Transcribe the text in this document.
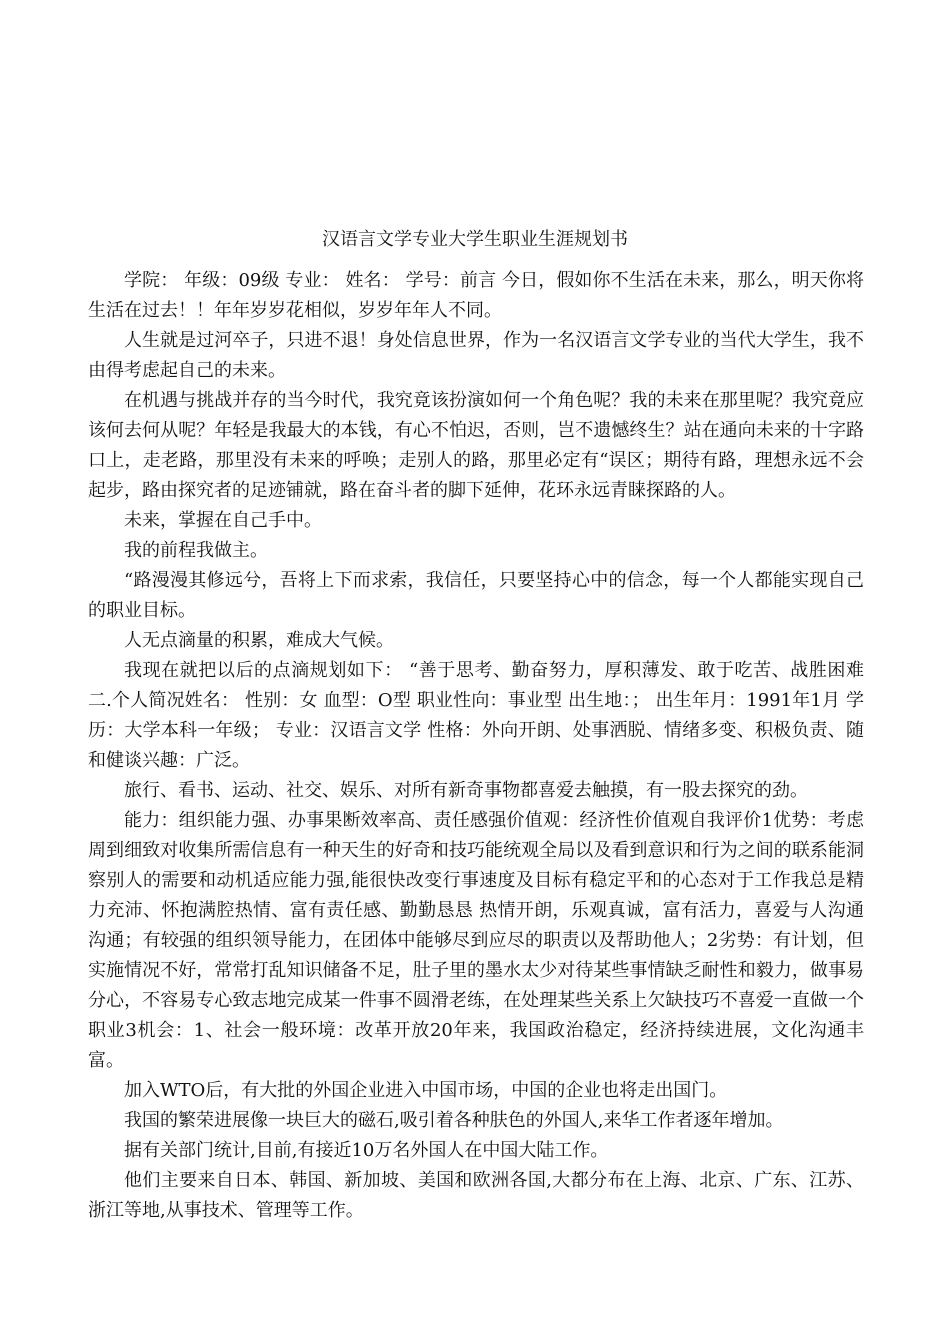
汉语言文学专业大学生职业生涯规划书

学院： 年级：09级 专业： 姓名： 学号：前言 今日，假如你不生活在未来，那么，明天你将生活在过去！！年年岁岁花相似，岁岁年年人不同。

人生就是过河卒子，只进不退！身处信息世界，作为一名汉语言文学专业的当代大学生，我不由得考虑起自己的未来。

在机遇与挑战并存的当今时代，我究竟该扮演如何一个角色呢？我的未来在那里呢？我究竟应该何去何从呢？年轻是我最大的本钱，有心不怕迟，否则，岂不遗憾终生？站在通向未来的十字路口上，走老路，那里没有未来的呼唤；走别人的路，那里必定有“误区；期待有路，理想永远不会起步，路由探究者的足迹铺就，路在奋斗者的脚下延伸，花环永远青睐探路的人。

未来，掌握在自己手中。

我的前程我做主。

“路漫漫其修远兮，吾将上下而求索，我信任，只要坚持心中的信念，每一个人都能实现自己的职业目标。

人无点滴量的积累，难成大气候。

我现在就把以后的点滴规划如下： “善于思考、勤奋努力，厚积薄发、敢于吃苦、战胜困难二.个人简况姓名： 性别：女 血型：O型 职业性向：事业型 出生地：； 出生年月：1991年1月 学历：大学本科一年级； 专业：汉语言文学 性格：外向开朗、处事洒脱、情绪多变、积极负责、随和健谈兴趣：广泛。

旅行、看书、运动、社交、娱乐、对所有新奇事物都喜爱去触摸，有一股去探究的劲。

能力：组织能力强、办事果断效率高、责任感强价值观：经济性价值观自我评价1优势：考虑周到细致对收集所需信息有一种天生的好奇和技巧能统观全局以及看到意识和行为之间的联系能洞察别人的需要和动机适应能力强,能很快改变行事速度及目标有稳定平和的心态对于工作我总是精力充沛、怀抱满腔热情、富有责任感、勤勤恳恳 热情开朗，乐观真诚，富有活力，喜爱与人沟通沟通；有较强的组织领导能力，在团体中能够尽到应尽的职责以及帮助他人；2劣势：有计划，但实施情况不好，常常打乱知识储备不足，肚子里的墨水太少对待某些事情缺乏耐性和毅力，做事易分心，不容易专心致志地完成某一件事不圆滑老练，在处理某些关系上欠缺技巧不喜爱一直做一个职业3机会：1、社会一般环境：改革开放20年来，我国政治稳定，经济持续进展，文化沟通丰富。

加入WTO后，有大批的外国企业进入中国市场，中国的企业也将走出国门。

我国的繁荣进展像一块巨大的磁石,吸引着各种肤色的外国人,来华工作者逐年增加。

据有关部门统计,目前,有接近10万名外国人在中国大陆工作。

他们主要来自日本、韩国、新加坡、美国和欧洲各国,大都分布在上海、北京、广东、江苏、浙江等地,从事技术、管理等工作。
